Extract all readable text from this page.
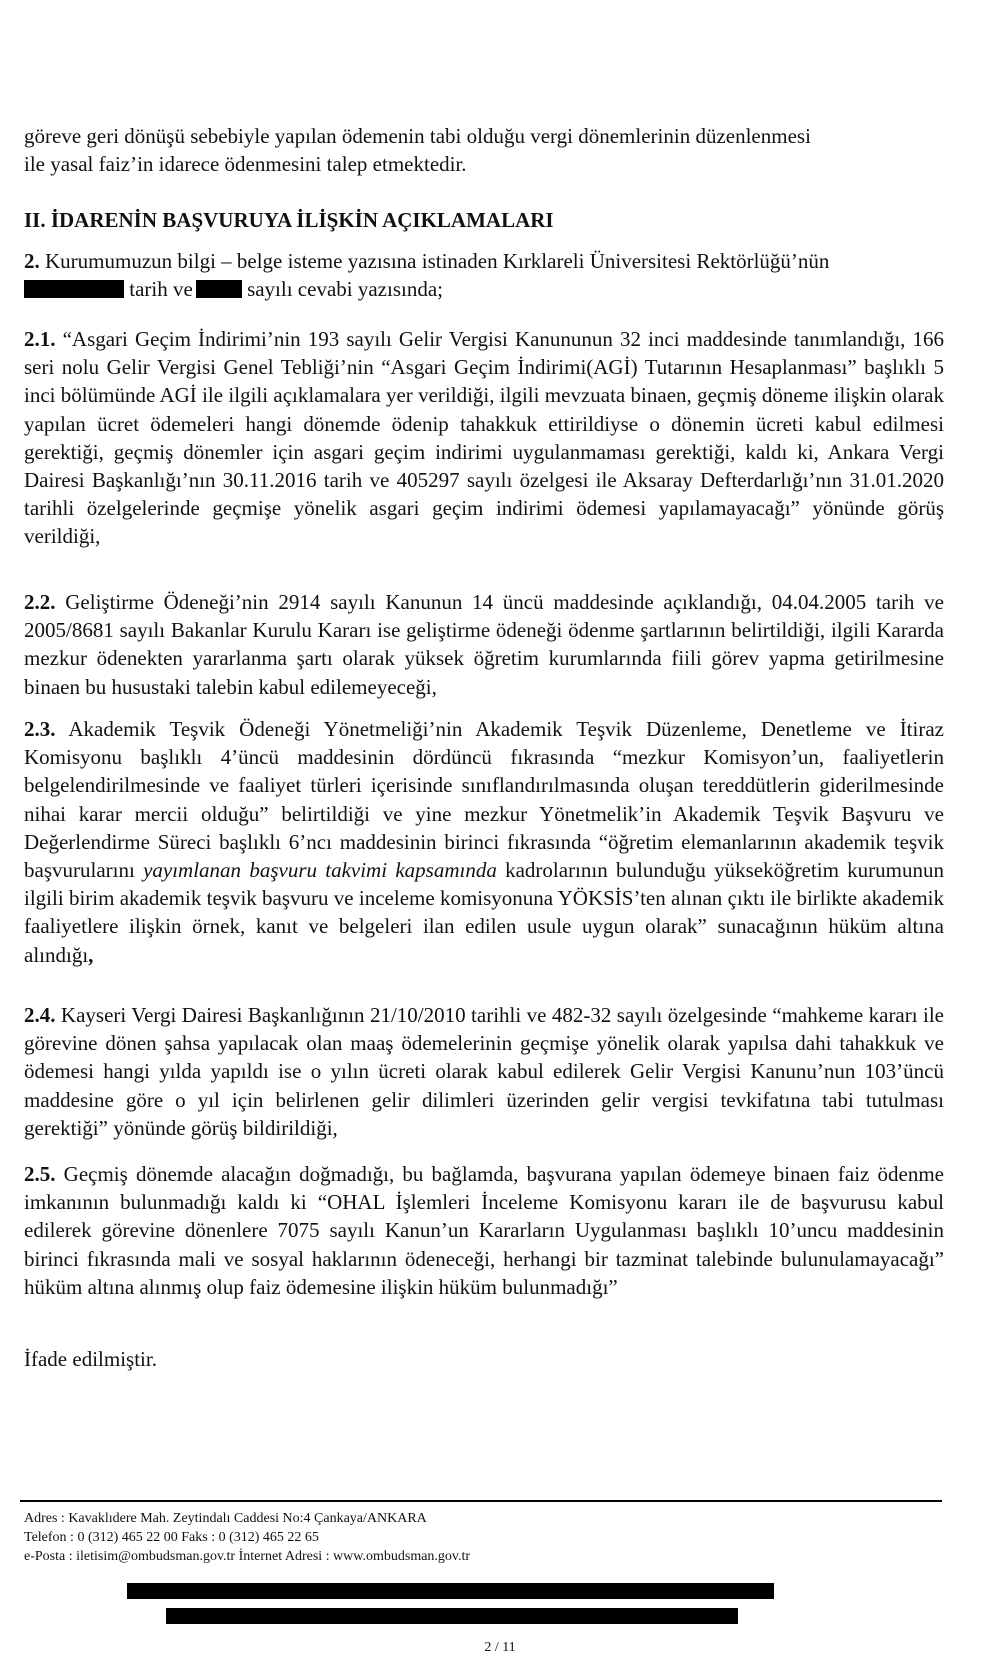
göreve geri dönüşü sebebiyle yapılan ödemenin tabi olduğu vergi dönemlerinin düzenlenmesi
ile yasal faiz’in idarece ödenmesini talep etmektedir.
II. İDARENİN BAŞVURUYA İLİŞKİN AÇIKLAMALARI
2. Kurumumuzun bilgi – belge isteme yazısına istinaden Kırklareli Üniversitesi Rektörlüğü’nün
tarih ve sayılı cevabi yazısında;

2.1. “Asgari Geçim İndirimi’nin 193 sayılı Gelir Vergisi Kanununun 32 inci maddesinde tanımlandığı, 166 seri nolu Gelir Vergisi Genel Tebliği’nin “Asgari Geçim İndirimi(AGİ) Tutarının Hesaplanması” başlıklı 5 inci bölümünde AGİ ile ilgili açıklamalara yer verildiği, ilgili mevzuata binaen, geçmiş döneme ilişkin olarak yapılan ücret ödemeleri hangi dönemde ödenip tahakkuk ettirildiyse o dönemin ücreti kabul edilmesi gerektiği, geçmiş dönemler için asgari geçim indirimi uygulanmaması gerektiği, kaldı ki, Ankara Vergi Dairesi Başkanlığı’nın 30.11.2016 tarih ve 405297 sayılı özelgesi ile Aksaray Defterdarlığı’nın 31.01.2020 tarihli özelgelerinde geçmişe yönelik asgari geçim indirimi ödemesi yapılamayacağı” yönünde görüş verildiği,

2.2. Geliştirme Ödeneği’nin 2914 sayılı Kanunun 14 üncü maddesinde açıklandığı, 04.04.2005 tarih ve 2005/8681 sayılı Bakanlar Kurulu Kararı ise geliştirme ödeneği ödenme şartlarının belirtildiği, ilgili Kararda mezkur ödenekten yararlanma şartı olarak yüksek öğretim kurumlarında fiili görev yapma getirilmesine binaen bu husustaki talebin kabul edilemeyeceği,

2.3. Akademik Teşvik Ödeneği Yönetmeliği’nin Akademik Teşvik Düzenleme, Denetleme ve İtiraz Komisyonu başlıklı 4’üncü maddesinin dördüncü fıkrasında “mezkur Komisyon’un, faaliyetlerin belgelendirilmesinde ve faaliyet türleri içerisinde sınıflandırılmasında oluşan tereddütlerin giderilmesinde nihai karar mercii olduğu” belirtildiği ve yine mezkur Yönetmelik’in Akademik Teşvik Başvuru ve Değerlendirme Süreci başlıklı 6’ncı maddesinin birinci fıkrasında “öğretim elemanlarının akademik teşvik başvurularını yayımlanan başvuru takvimi kapsamında kadrolarının bulunduğu yükseköğretim kurumunun ilgili birim akademik teşvik başvuru ve inceleme komisyonuna YÖKSİS’ten alınan çıktı ile birlikte akademik faaliyetlere ilişkin örnek, kanıt ve belgeleri ilan edilen usule uygun olarak” sunacağının hüküm altına alındığı,

2.4. Kayseri Vergi Dairesi Başkanlığının 21/10/2010 tarihli ve 482-32 sayılı özelgesinde “mahkeme kararı ile görevine dönen şahsa yapılacak olan maaş ödemelerinin geçmişe yönelik olarak yapılsa dahi tahakkuk ve ödemesi hangi yılda yapıldı ise o yılın ücreti olarak kabul edilerek Gelir Vergisi Kanunu’nun 103’üncü maddesine göre o yıl için belirlenen gelir dilimleri üzerinden gelir vergisi tevkifatına tabi tutulması gerektiği” yönünde görüş bildirildiği,

2.5. Geçmiş dönemde alacağın doğmadığı, bu bağlamda, başvurana yapılan ödemeye binaen faiz ödenme imkanının bulunmadığı kaldı ki “OHAL İşlemleri İnceleme Komisyonu kararı ile de başvurusu kabul edilerek görevine dönenlere 7075 sayılı Kanun’un Kararların Uygulanması başlıklı 10’uncu maddesinin birinci fıkrasında mali ve sosyal haklarının ödeneceği, herhangi bir tazminat talebinde bulunulamayacağı” hüküm altına alınmış olup faiz ödemesine ilişkin hüküm bulunmadığı”

İfade edilmiştir.
Adres : Kavaklıdere Mah. Zeytindalı Caddesi No:4 Çankaya/ANKARA
Telefon : 0 (312) 465 22 00 Faks : 0 (312) 465 22 65
e-Posta : iletisim@ombudsman.gov.tr İnternet Adresi : www.ombudsman.gov.tr
2 / 11
